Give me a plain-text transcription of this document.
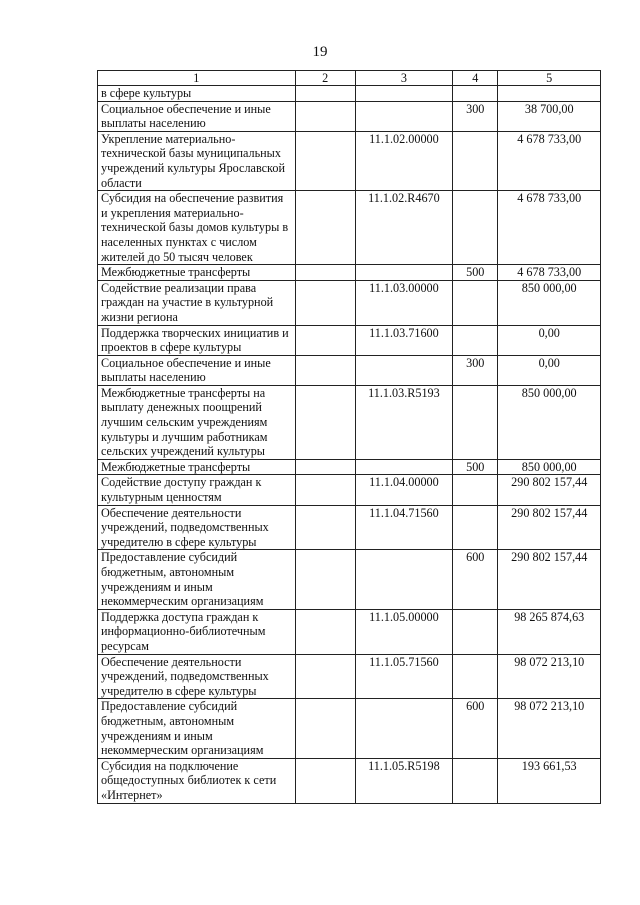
19
1	2	3	4	5
в сфере культуры				
Социальное обеспечение и иные выплаты населению			300	38 700,00
Укрепление материально-технической базы муниципальных учреждений культуры Ярославской области		11.1.02.00000		4 678 733,00
Субсидия на обеспечение развития и укрепления материально-технической базы домов культуры в населенных пунктах с числом жителей до 50 тысяч человек		11.1.02.R4670		4 678 733,00
Межбюджетные трансферты			500	4 678 733,00
Содействие реализации права граждан на участие в культурной жизни региона		11.1.03.00000		850 000,00
Поддержка творческих инициатив и проектов в сфере культуры		11.1.03.71600		0,00
Социальное обеспечение и иные выплаты населению			300	0,00
Межбюджетные трансферты на выплату денежных поощрений лучшим сельским учреждениям культуры и лучшим работникам сельских учреждений культуры		11.1.03.R5193		850 000,00
Межбюджетные трансферты			500	850 000,00
Содействие доступу граждан к культурным ценностям		11.1.04.00000		290 802 157,44
Обеспечение деятельности учреждений, подведомственных учредителю в сфере культуры		11.1.04.71560		290 802 157,44
Предоставление субсидий бюджетным, автономным учреждениям и иным некоммерческим организациям			600	290 802 157,44
Поддержка доступа граждан к информационно-библиотечным ресурсам		11.1.05.00000		98 265 874,63
Обеспечение деятельности учреждений, подведомственных учредителю в сфере культуры		11.1.05.71560		98 072 213,10
Предоставление субсидий бюджетным, автономным учреждениям и иным некоммерческим организациям			600	98 072 213,10
Субсидия на подключение общедоступных библиотек к сети «Интернет»		11.1.05.R5198		193 661,53
